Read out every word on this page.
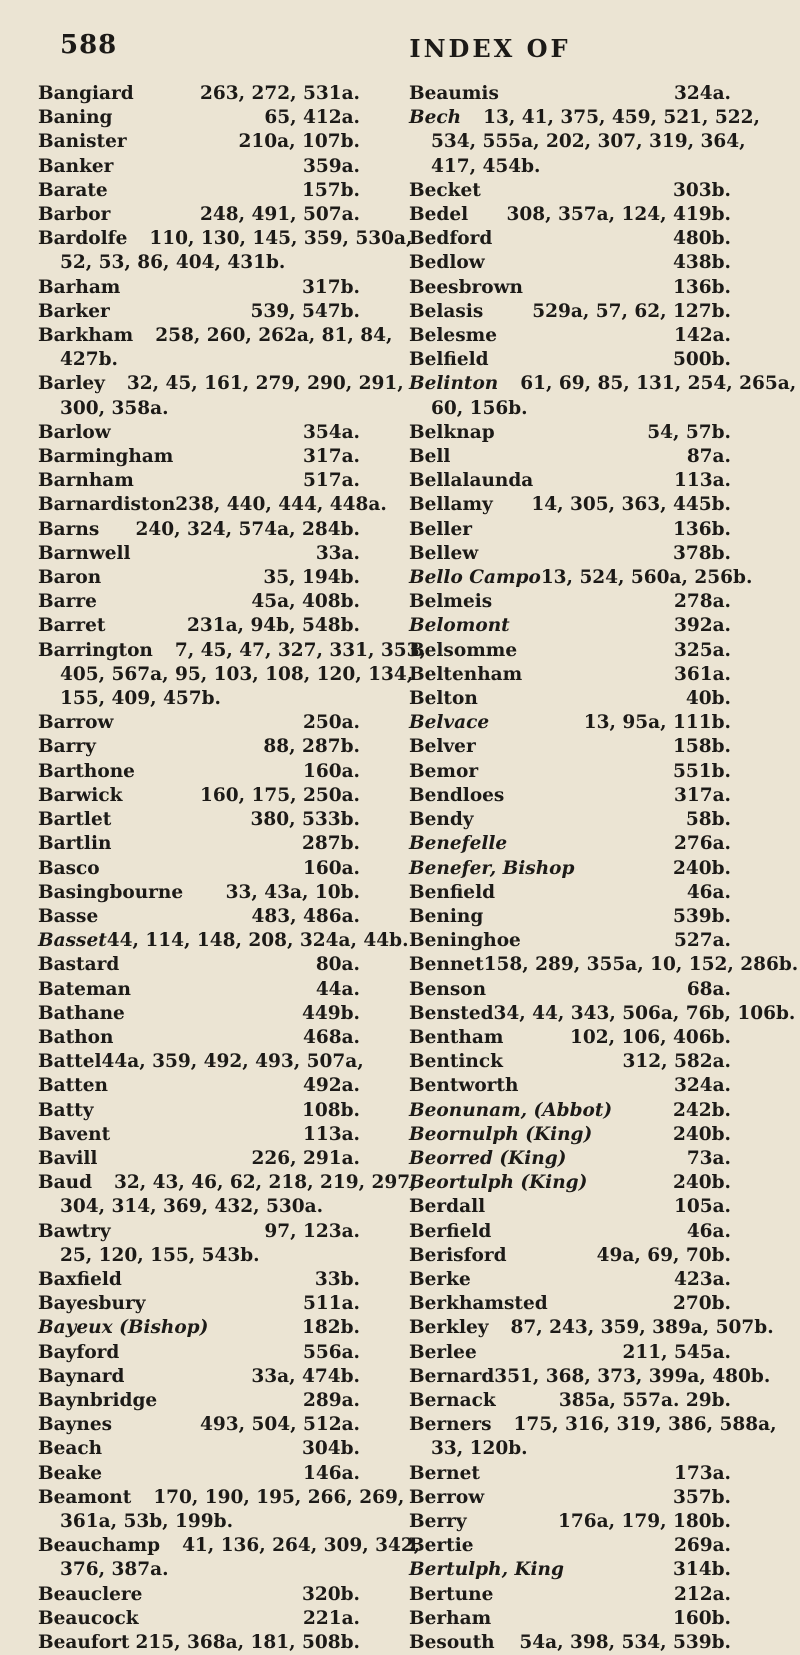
588	INDEX OF
Bangiard	263, 272, 531a.
Baning	65, 412a.
Banister	210a, 107b.
Banker	359a.
Barate	157b.
Barbor	248, 491, 507a.
Bardolfe 110, 130, 145, 359, 530a,
52, 53, 86, 404, 431b.
Barham	317b.
Barker	539, 547b.
Barkham 258, 260, 262a, 81, 84,
427b.
Barley 32, 45, 161, 279, 290, 291,
300, 358a.
Barlow	354a.
Barmingham	317a.
Barnham	517a.
Barnardiston 238, 440, 444, 448a.
Barns 240, 324, 574a, 284b.
Barnwell	33a.
Baron	35, 194b.
Barre	45a, 408b.
Barret	231a, 94b, 548b.
Barrington 7, 45, 47, 327, 331, 353,
405, 567a, 95, 103, 108, 120, 134,
155, 409, 457b.
Barrow	250a.
Barry	88, 287b.
Barthone	160a.
Barwick	160, 175, 250a.
Bartlet	380, 533b.
Bartlin	287b.
Basco	160a.
Basingbourne 33, 43a, 10b.
Basse	483, 486a.
Basset 44, 114, 148, 208, 324a, 44b.
Bastard	80a.
Bateman	44a.
Bathane	449b.
Bathon	468a.
Battel 44a, 359, 492, 493, 507a,
Batten	492a.
Batty	108b.
Bavent	113a.
Bavill	226, 291a.
Baud 32, 43, 46, 62, 218, 219, 297,
304, 314, 369, 432, 530a.
Bawtry	97, 123a.
25, 120, 155, 543b.
Baxfield	33b.
Bayesbury	511a.
Bayeux (Bishop)	182b.
Bayford	556a.
Baynard	33a, 474b.
Baynbridge	289a.
Baynes	493, 504, 512a.
Beach	304b.
Beake	146a.
Beamont 170, 190, 195, 266, 269,
361a, 53b, 199b.
Beauchamp 41, 136, 264, 309, 342,
376, 387a.
Beauclere	320b.
Beaucock	221a.
Beaufort 215, 368a, 181, 508b.
Beaumis	324a.
Bech 13, 41, 375, 459, 521, 522,
534, 555a, 202, 307, 319, 364,
417, 454b.
Becket	303b.
Bedel 308, 357a, 124, 419b.
Bedford	480b.
Bedlow	438b.
Beesbrown	136b.
Belasis	529a, 57, 62, 127b.
Belesme	142a.
Belfield	500b.
Belinton 61, 69, 85, 131, 254, 265a,
60, 156b.
Belknap	54, 57b.
Bell	87a.
Bellalaunda	113a.
Bellamy 14, 305, 363, 445b.
Beller	136b.
Bellew	378b.
Bello Campo 13, 524, 560a, 256b.
Belmeis	278a.
Belomont	392a.
Belsomme	325a.
Beltenham	361a.
Belton	40b.
Belvace	13, 95a, 111b.
Belver	158b.
Bemor	551b.
Bendloes	317a.
Bendy	58b.
Benefelle	276a.
Benefer, Bishop	240b.
Benfield	46a.
Bening	539b.
Beninghoe	527a.
Bennet 158, 289, 355a, 10, 152, 286b.
Benson	68a.
Bensted 34, 44, 343, 506a, 76b, 106b.
Bentham	102, 106, 406b.
Bentinck	312, 582a.
Bentworth	324a.
Beonunam, (Abbot)	242b.
Beornulph (King)	240b.
Beorred (King)	73a.
Beortulph (King)	240b.
Berdall	105a.
Berfield	46a.
Berisford	49a, 69, 70b.
Berke	423a.
Berkhamsted	270b.
Berkley 87, 243, 359, 389a, 507b.
Berlee	211, 545a.
Bernard 351, 368, 373, 399a, 480b.
Bernack	385a, 557a. 29b.
Berners 175, 316, 319, 386, 588a,
33, 120b.
Bernet	173a.
Berrow	357b.
Berry	176a, 179, 180b.
Bertie	269a.
Bertulph, King	314b.
Bertune	212a.
Berham	160b.
Besouth 54a, 398, 534, 539b.
